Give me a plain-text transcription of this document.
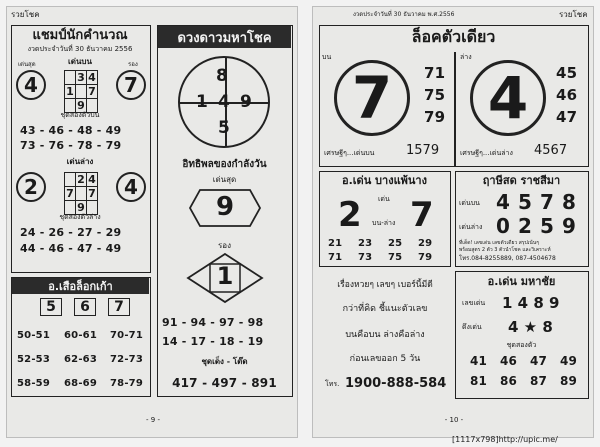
รวยโชค
แชมป์นักคำนวณ
งวดประจำวันที่ 30 ธันวาคม 2556
เด่นบน
เด่นสุด	รอง
4	7
	3	4
1		7
	9	
ชุดสองตัวบน
43 - 46 - 48 - 49
73 - 76 - 78 - 79
เด่นล่าง
2	4
	2	4
7		7
	9	
ชุดสองตัวล่าง
24 - 26 - 27 - 29
44 - 46 - 47 - 49
อ.เสือล็อกเก้า
5	6	7
50-51 60-61 70-71
52-53 62-63 72-73
58-59 68-69 78-79
ดวงดาวมหาโชค
8
1 4 9
5
อิทธิพลของกำลังวัน
เด่นสุด
9
รอง
1
91 - 94 - 97 - 98
14 - 17 - 18 - 19
ชุดเด็ง - โต๊ด
417 - 497 - 891
- 9 -
งวดประจำวันที่ 30 ธันวาคม พ.ศ.2556	รวยโชค
ล็อคตัวเดียว
บน
7 71
75
79
เศรษฐีๆ...เด่นบน 1579
ล่าง
4 45
46
47
เศรษฐีๆ...เด่นล่าง 4567
อ.เด่น บางแพ้นาง
เด่น
2 7
บน-ล่าง
21 23 25 29
71 73 75 79
ฤาษีสด ราชสีมา
เด่นบน 4 5 7 8
เด่นล่าง 0 2 5 9
ที่เด็ด! เลขเด่น เลขตัวเดียว สรุปเน้นๆ
พร้อมสูตร 2 ตัว 3 ตัวนำโชค และวิเคราะห์
โทร.084-8255889, 087-4504678
เรื่องหวยๆ เลขๆ เบอร์นี้มีดี
กว่าที่คิด ชี้แนะตัวเลข
บนคือบน ล่างคือล่าง
ก่อนเลขออก 5 วัน
โทร. 1900-888-584
อ.เด่น มหาชัย
เลขเด่น 1 4 8 9
ดึงเด่น 4 ★ 8
ชุดสองตัว
41 46 47 49
81 86 87 89
- 10 -
[1117x798]http://upic.me/
